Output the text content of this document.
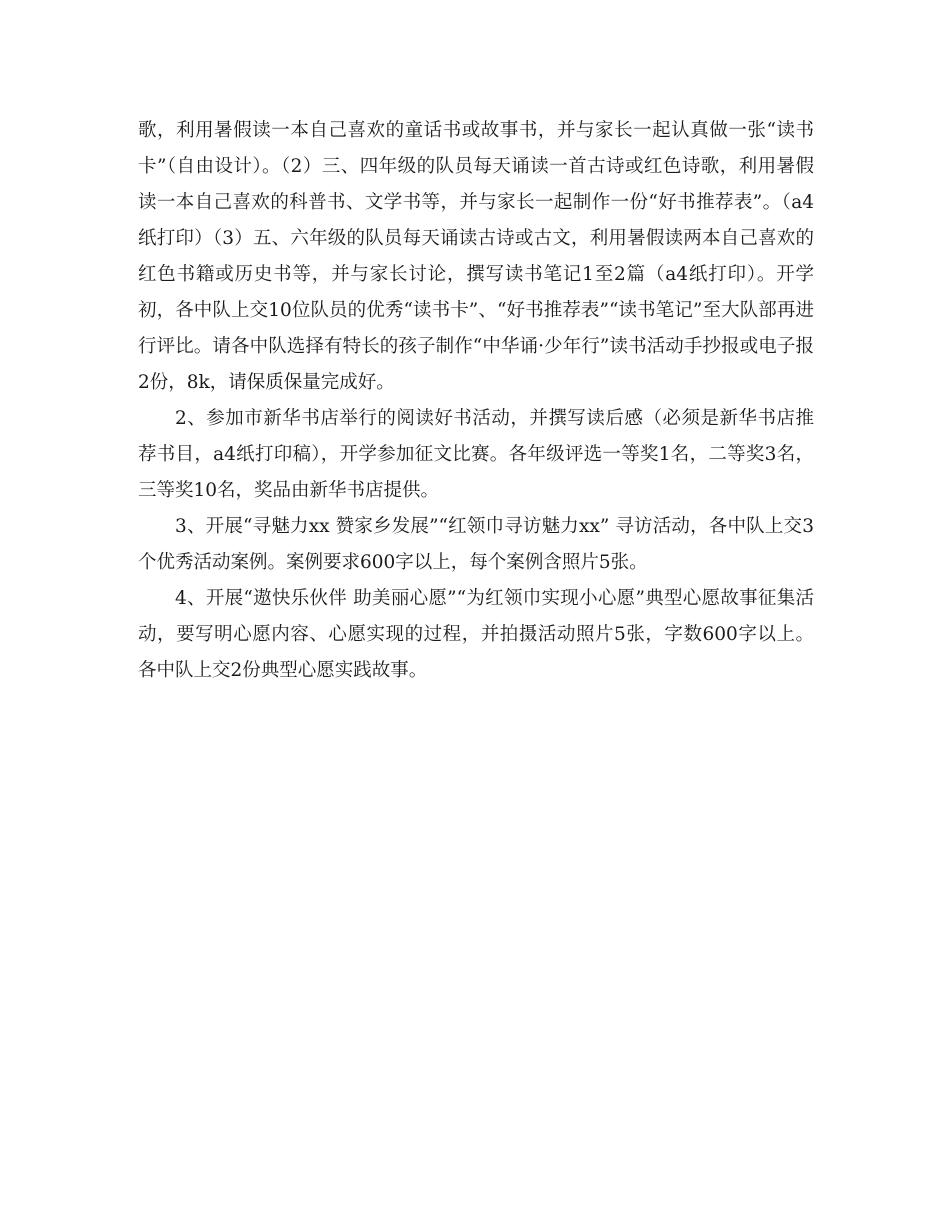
歌，利用暑假读一本自己喜欢的童话书或故事书，并与家长一起认真做一张“读书卡”（自由设计）。（2）三、四年级的队员每天诵读一首古诗或红色诗歌，利用暑假读一本自己喜欢的科普书、文学书等，并与家长一起制作一份“好书推荐表”。（a4纸打印）（3）五、六年级的队员每天诵读古诗或古文，利用暑假读两本自己喜欢的红色书籍或历史书等，并与家长讨论，撰写读书笔记1至2篇（a4纸打印）。开学初，各中队上交10位队员的优秀“读书卡”、“好书推荐表”“读书笔记”至大队部再进行评比。请各中队选择有特长的孩子制作“中华诵·少年行”读书活动手抄报或电子报2份，8k，请保质保量完成好。

2、参加市新华书店举行的阅读好书活动，并撰写读后感（必须是新华书店推荐书目，a4纸打印稿），开学参加征文比赛。各年级评选一等奖1名，二等奖3名，三等奖10名，奖品由新华书店提供。

3、开展“寻魅力xx 赞家乡发展”“红领巾寻访魅力xx” 寻访活动，各中队上交3个优秀活动案例。案例要求600字以上，每个案例含照片5张。

4、开展“遨快乐伙伴 助美丽心愿”“为红领巾实现小心愿”典型心愿故事征集活动，要写明心愿内容、心愿实现的过程，并拍摄活动照片5张，字数600字以上。各中队上交2份典型心愿实践故事。
